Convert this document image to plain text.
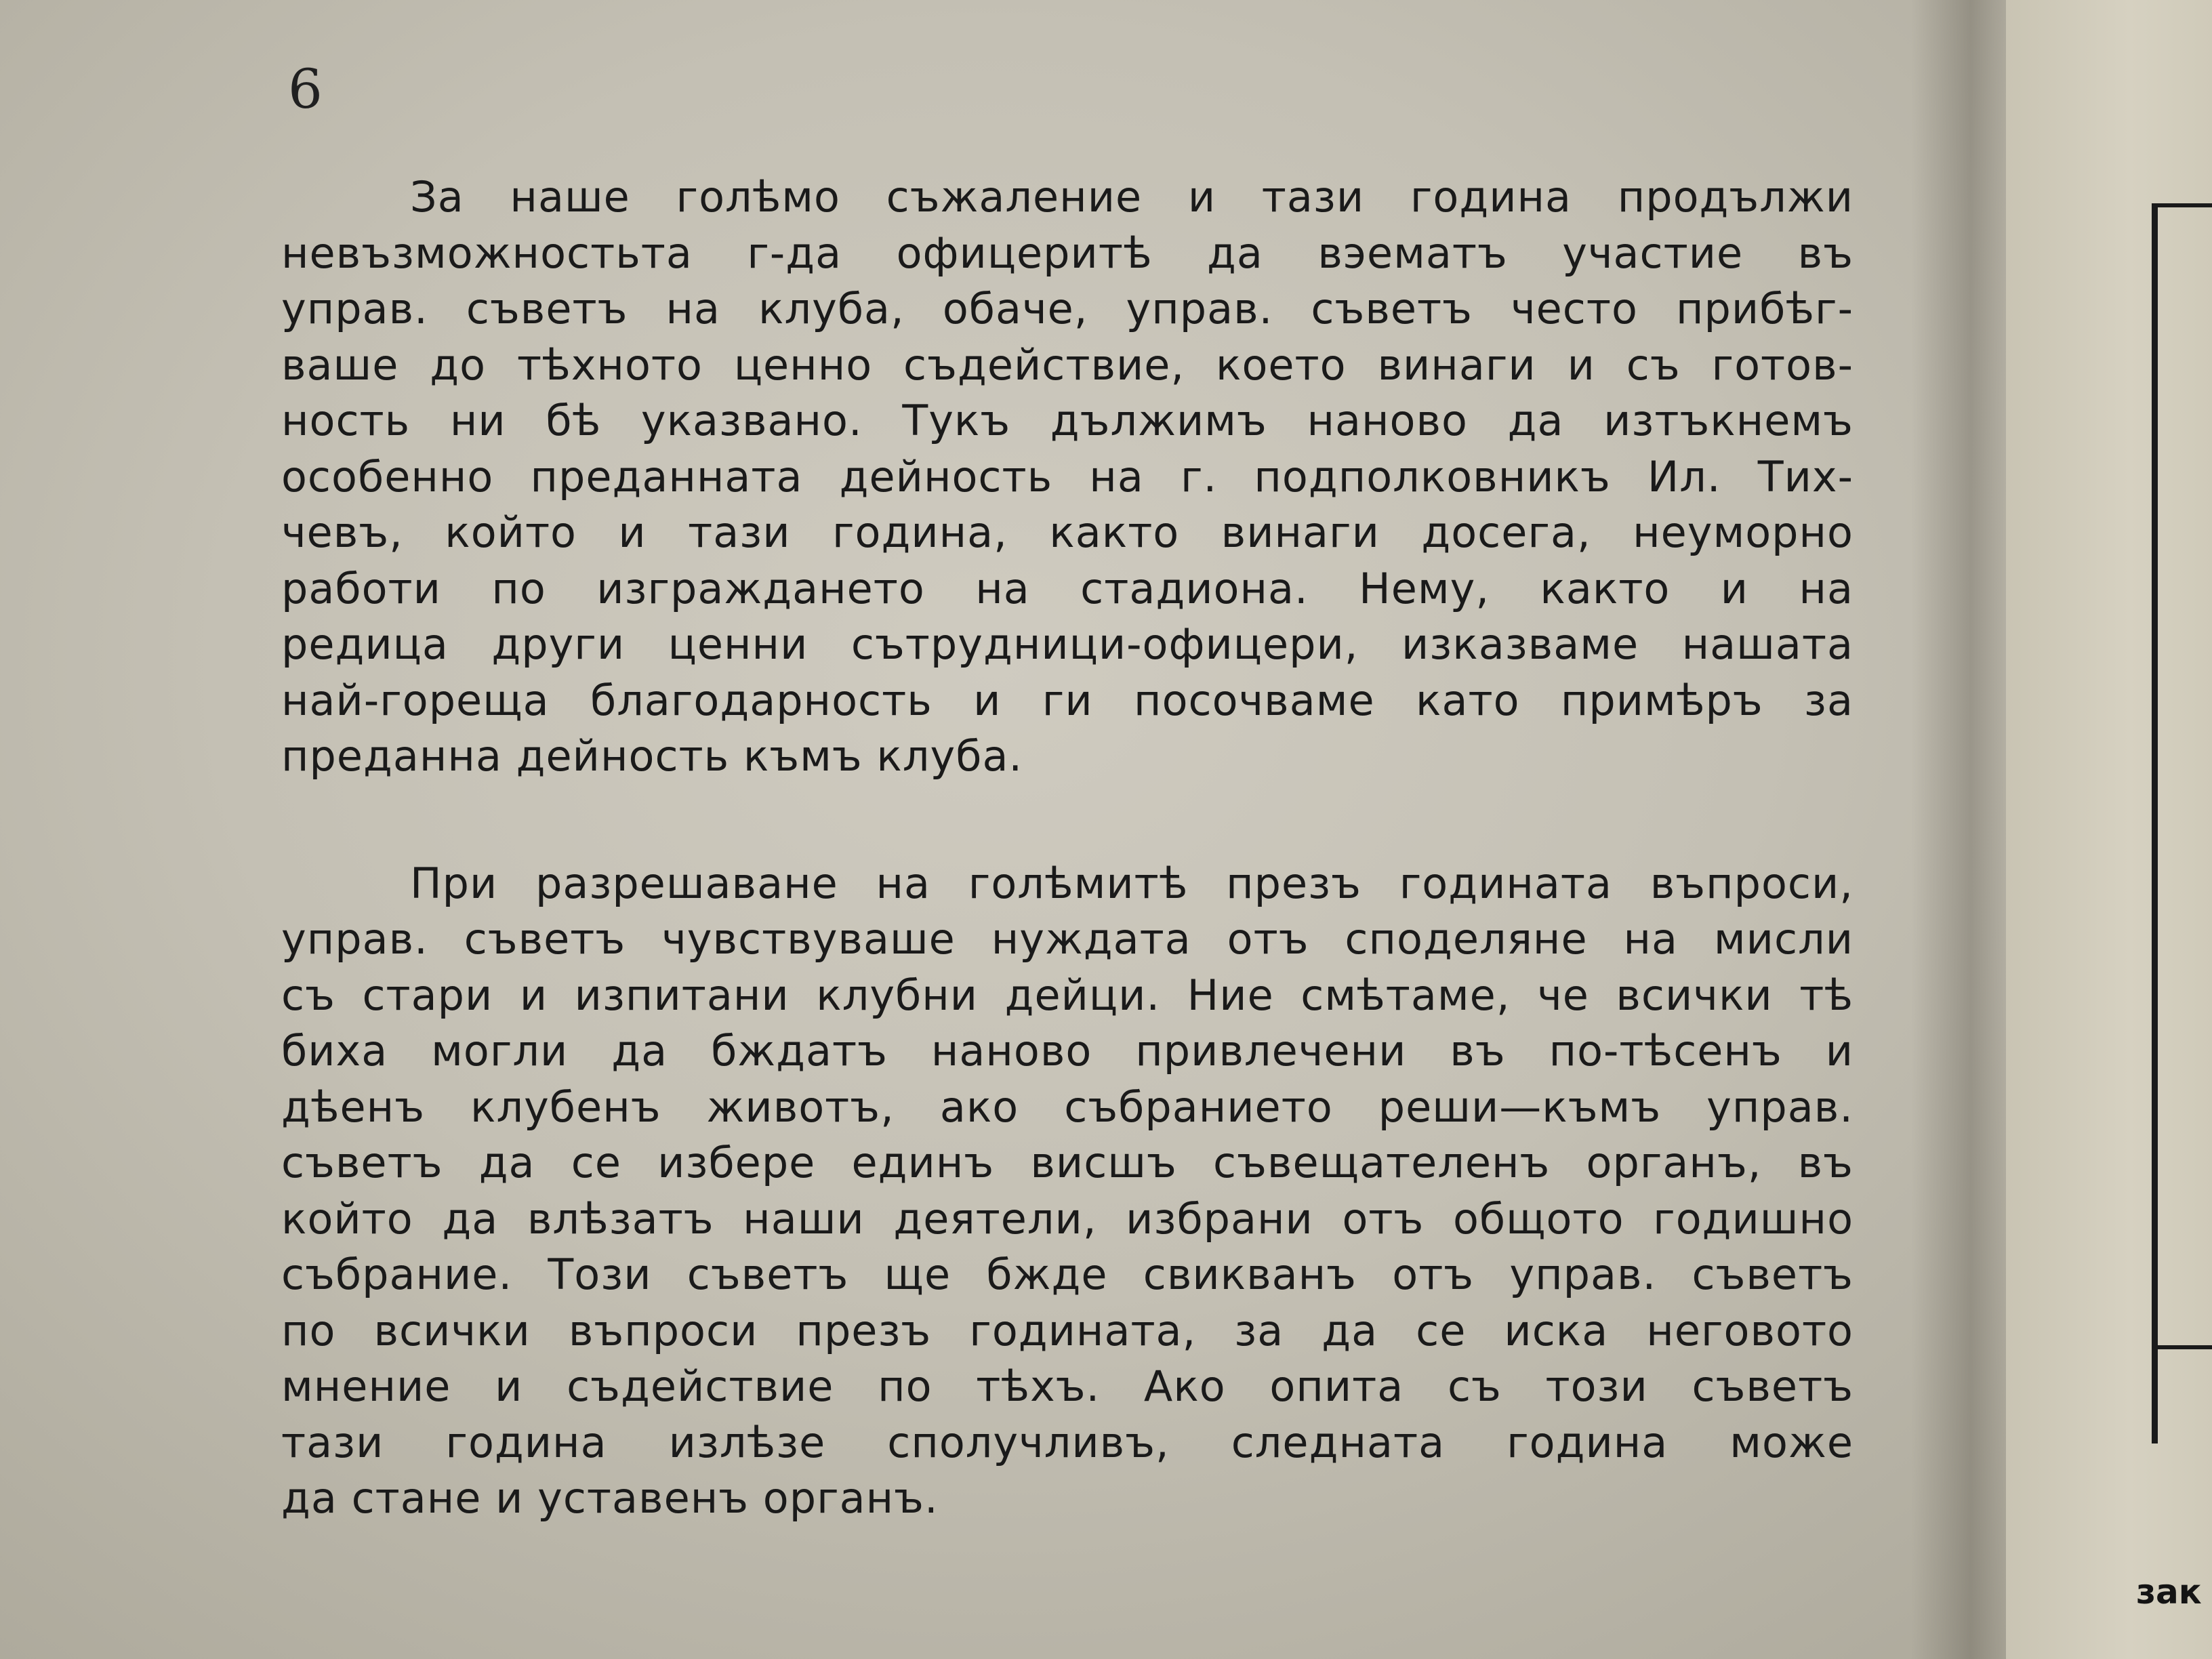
зак
6
За наше голѣмо съжаление и тази година продължи
невъзможностьта г-да офицеритѣ да вэематъ участие въ
управ. съветъ на клуба, обаче, управ. съветъ често прибѣг-
ваше до тѣхното ценно съдействие, което винаги и съ готов-
ность ни бѣ указвано. Тукъ дължимъ наново да изтъкнемъ
особенно преданната дейность на г. подполковникъ Ил. Тих-
чевъ, който и тази година, както винаги досега, неуморно
работи по изграждането на стадиона. Нему, както и на
редица други ценни сътрудници-офицери, изказваме нашата
най-гореща благодарность и ги посочваме като примѣръ за
преданна дейность къмъ клуба.
При разрешаване на голѣмитѣ презъ годината въпроси,
управ. съветъ чувствуваше нуждата отъ споделяне на мисли
съ стари и изпитани клубни дейци. Ние смѣтаме, че всички тѣ
биха могли да бждатъ наново привлечени въ по-тѣсенъ и
дѣенъ клубенъ животъ, ако събранието реши—къмъ управ.
съветъ да се избере единъ висшъ съвещателенъ органъ, въ
който да влѣзатъ наши деятели, избрани отъ общото годишно
събрание. Този съветъ ще бжде свикванъ отъ управ. съветъ
по всички въпроси презъ годината, за да се иска неговото
мнение и съдействие по тѣхъ. Ако опита съ този съветъ
тази година излѣзе сполучливъ, следната година може
да стане и уставенъ органъ.
